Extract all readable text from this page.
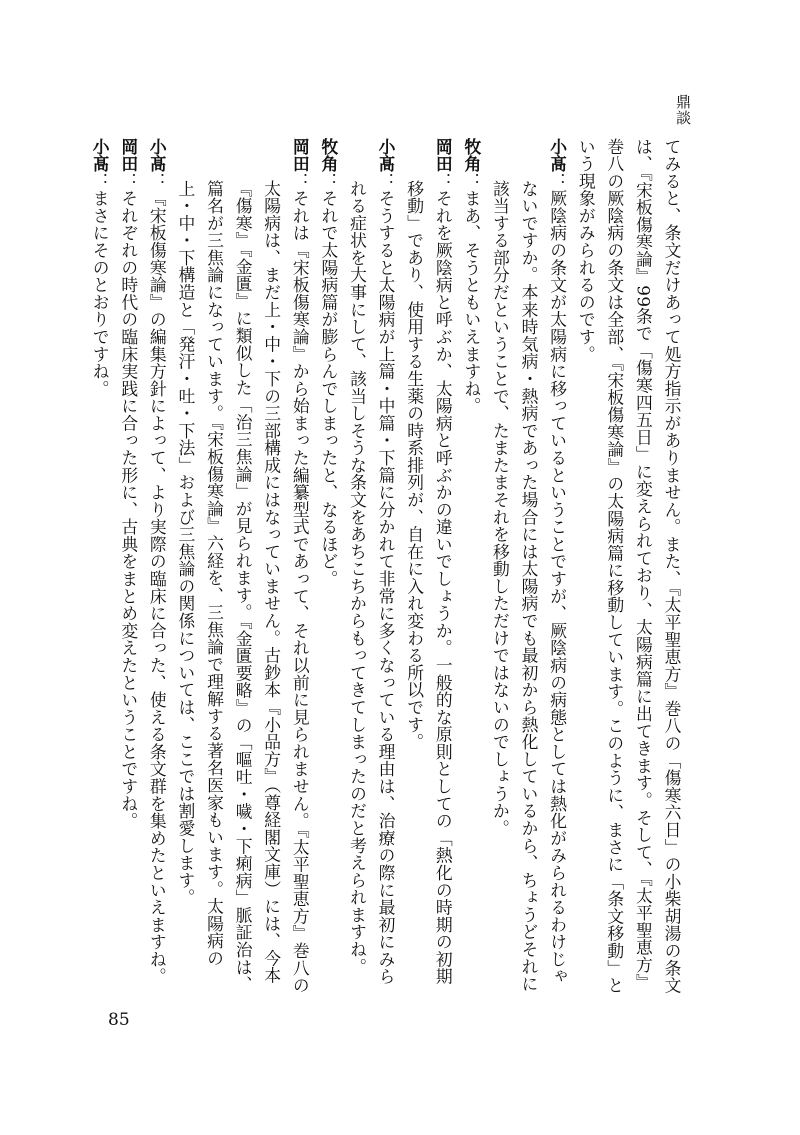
鼎談

てみると、条文だけあって処方指示がありません。また、『太平聖恵方』巻八の「傷寒六日」の小柴胡湯の条文は、『宋板傷寒論』99条で「傷寒四五日」に変えられており、太陽病篇に出てきます。そして、『太平聖恵方』巻八の厥陰病の条文は全部、『宋板傷寒論』の太陽病篇に移動しています。このように、まさに「条文移動」という現象がみられるのです。

小髙：厥陰病の条文が太陽病に移っているということですが、厥陰病の病態としては熱化がみられるわけじゃないですか。本来時気病・熱病であった場合には太陽病でも最初から熱化しているから、ちょうどそれに該当する部分だということで、たまたまそれを移動しただけではないのでしょうか。

牧角：まあ、そうともいえますね。

岡田：それを厥陰病と呼ぶか、太陽病と呼ぶかの違いでしょうか。一般的な原則としての「熱化の時期の初期移動」であり、使用する生薬の時系排列が、自在に入れ変わる所以です。

小髙：そうすると太陽病が上篇・中篇・下篇に分かれて非常に多くなっている理由は、治療の際に最初にみられる症状を大事にして、該当しそうな条文をあちこちからもってきてしまったのだと考えられますね。

牧角：それで太陽病篇が膨らんでしまったと、なるほど。

岡田：それは『宋板傷寒論』から始まった編纂型式であって、それ以前に見られません。『太平聖恵方』巻八の太陽病は、まだ上・中・下の三部構成にはなっていません。古鈔本『小品方』（尊経閣文庫）には、今本『傷寒』『金匱』に類似した「治三焦論」が見られます。『金匱要略』の「嘔吐・噦・下痢病」脈証治は、篇名が三焦論になっています。『宋板傷寒論』六経を、三焦論で理解する著名医家もいます。太陽病の上・中・下構造と「発汗・吐・下法」および三焦論の関係については、ここでは割愛します。

小髙：『宋板傷寒論』の編集方針によって、より実際の臨床に合った、使える条文群を集めたといえますね。

岡田：それぞれの時代の臨床実践に合った形に、古典をまとめ変えたということですね。

小髙：まさにそのとおりですね。

85
